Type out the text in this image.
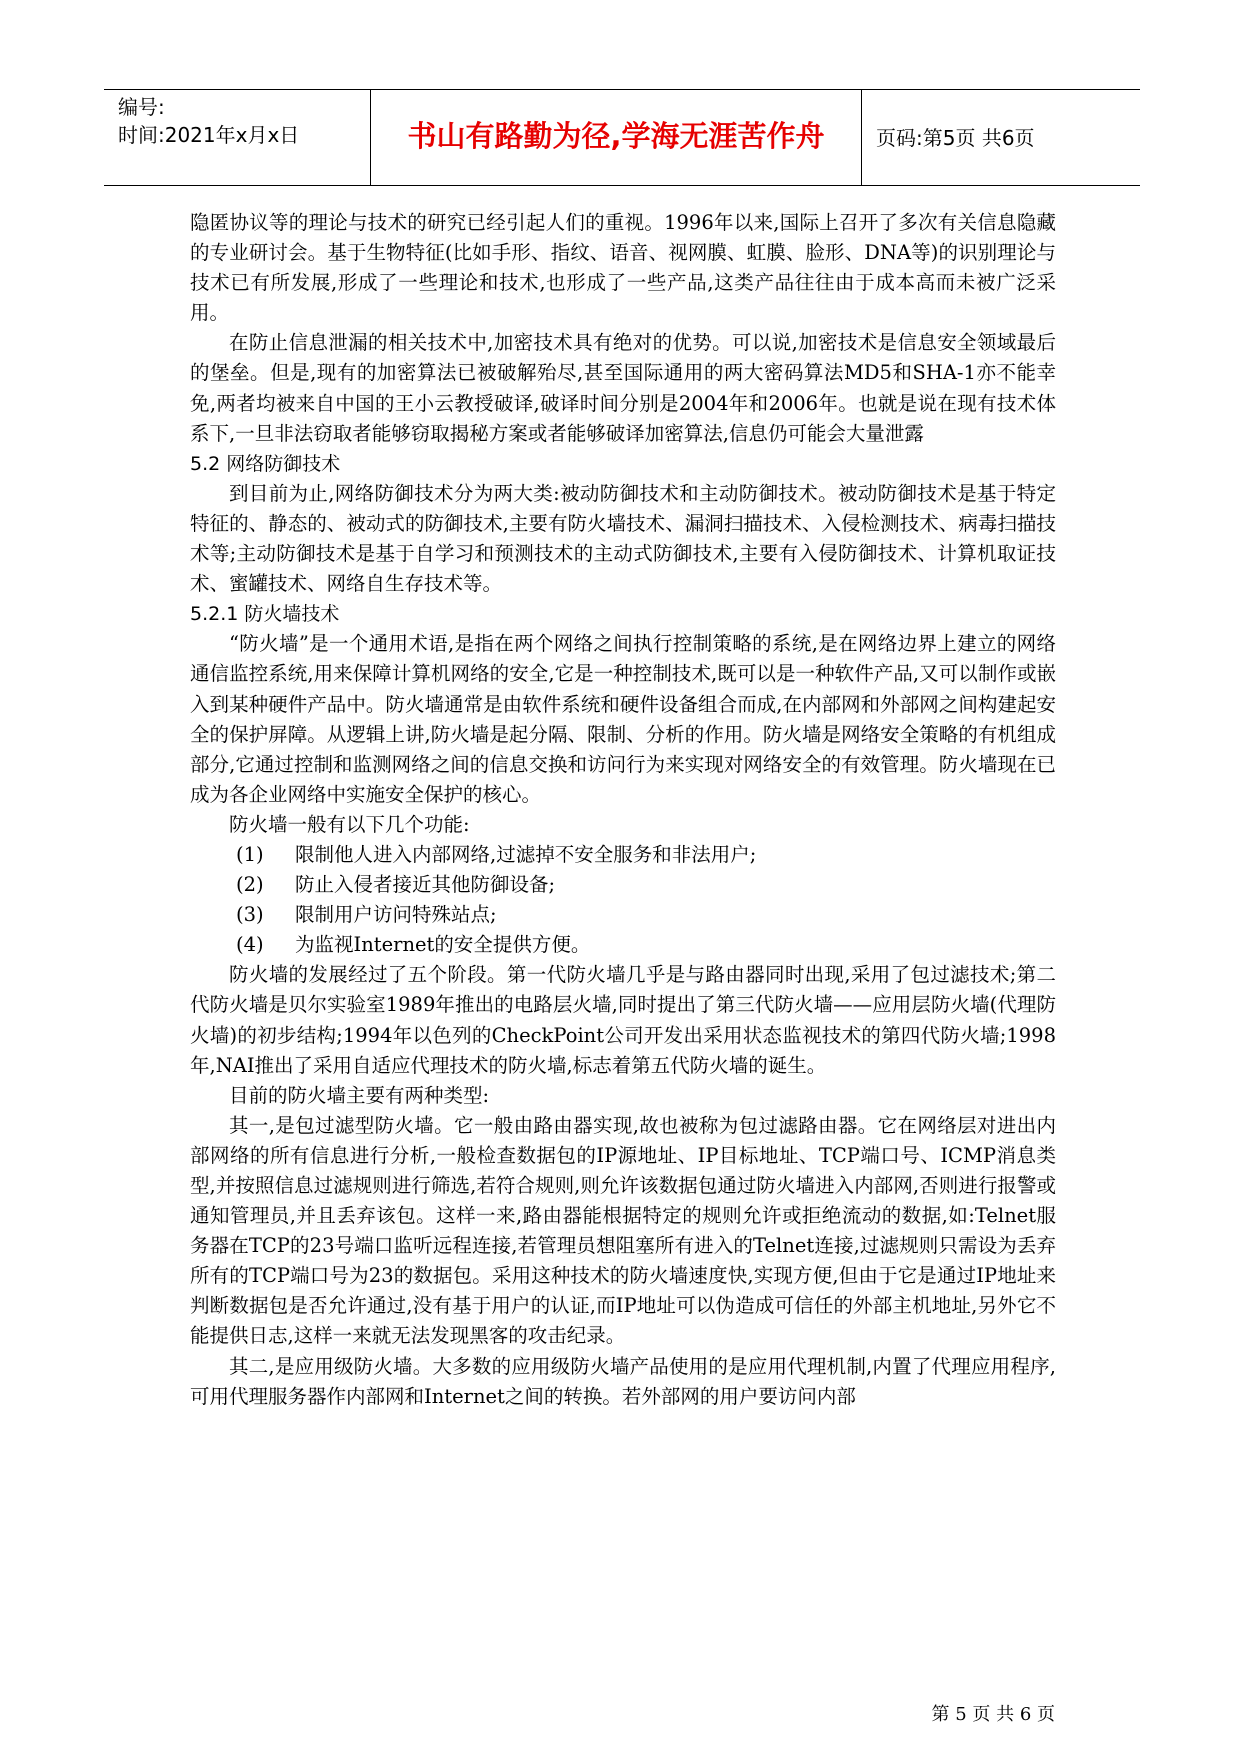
编号:
时间:2021年x月x日	书山有路勤为径,学海无涯苦作舟	页码:第5页 共6页

隐匿协议等的理论与技术的研究已经引起人们的重视。1996年以来,国际上召开了多次有关信息隐藏的专业研讨会。基于生物特征(比如手形、指纹、语音、视网膜、虹膜、脸形、DNA等)的识别理论与技术已有所发展,形成了一些理论和技术,也形成了一些产品,这类产品往往由于成本高而未被广泛采用。

在防止信息泄漏的相关技术中,加密技术具有绝对的优势。可以说,加密技术是信息安全领域最后的堡垒。但是,现有的加密算法已被破解殆尽,甚至国际通用的两大密码算法MD5和SHA-1亦不能幸免,两者均被来自中国的王小云教授破译,破译时间分别是2004年和2006年。也就是说在现有技术体系下,一旦非法窃取者能够窃取揭秘方案或者能够破译加密算法,信息仍可能会大量泄露

5.2 网络防御技术

到目前为止,网络防御技术分为两大类:被动防御技术和主动防御技术。被动防御技术是基于特定特征的、静态的、被动式的防御技术,主要有防火墙技术、漏洞扫描技术、入侵检测技术、病毒扫描技术等;主动防御技术是基于自学习和预测技术的主动式防御技术,主要有入侵防御技术、计算机取证技术、蜜罐技术、网络自生存技术等。

5.2.1 防火墙技术

“防火墙”是一个通用术语,是指在两个网络之间执行控制策略的系统,是在网络边界上建立的网络通信监控系统,用来保障计算机网络的安全,它是一种控制技术,既可以是一种软件产品,又可以制作或嵌入到某种硬件产品中。防火墙通常是由软件系统和硬件设备组合而成,在内部网和外部网之间构建起安全的保护屏障。从逻辑上讲,防火墙是起分隔、限制、分析的作用。防火墙是网络安全策略的有机组成部分,它通过控制和监测网络之间的信息交换和访问行为来实现对网络安全的有效管理。防火墙现在已成为各企业网络中实施安全保护的核心。

防火墙一般有以下几个功能:

(1)	限制他人进入内部网络,过滤掉不安全服务和非法用户;
(2)	防止入侵者接近其他防御设备;
(3)	限制用户访问特殊站点;
(4)	为监视Internet的安全提供方便。

防火墙的发展经过了五个阶段。第一代防火墙几乎是与路由器同时出现,采用了包过滤技术;第二代防火墙是贝尔实验室1989年推出的电路层火墙,同时提出了第三代防火墙——应用层防火墙(代理防火墙)的初步结构;1994年以色列的CheckPoint公司开发出采用状态监视技术的第四代防火墙;1998年,NAI推出了采用自适应代理技术的防火墙,标志着第五代防火墙的诞生。

目前的防火墙主要有两种类型:

其一,是包过滤型防火墙。它一般由路由器实现,故也被称为包过滤路由器。它在网络层对进出内部网络的所有信息进行分析,一般检查数据包的IP源地址、IP目标地址、TCP端口号、ICMP消息类型,并按照信息过滤规则进行筛选,若符合规则,则允许该数据包通过防火墙进入内部网,否则进行报警或通知管理员,并且丢弃该包。这样一来,路由器能根据特定的规则允许或拒绝流动的数据,如:Telnet服务器在TCP的23号端口监听远程连接,若管理员想阻塞所有进入的Telnet连接,过滤规则只需设为丢弃所有的TCP端口号为23的数据包。采用这种技术的防火墙速度快,实现方便,但由于它是通过IP地址来判断数据包是否允许通过,没有基于用户的认证,而IP地址可以伪造成可信任的外部主机地址,另外它不能提供日志,这样一来就无法发现黑客的攻击纪录。

其二,是应用级防火墙。大多数的应用级防火墙产品使用的是应用代理机制,内置了代理应用程序,可用代理服务器作内部网和Internet之间的转换。若外部网的用户要访问内部

第 5 页 共 6 页
